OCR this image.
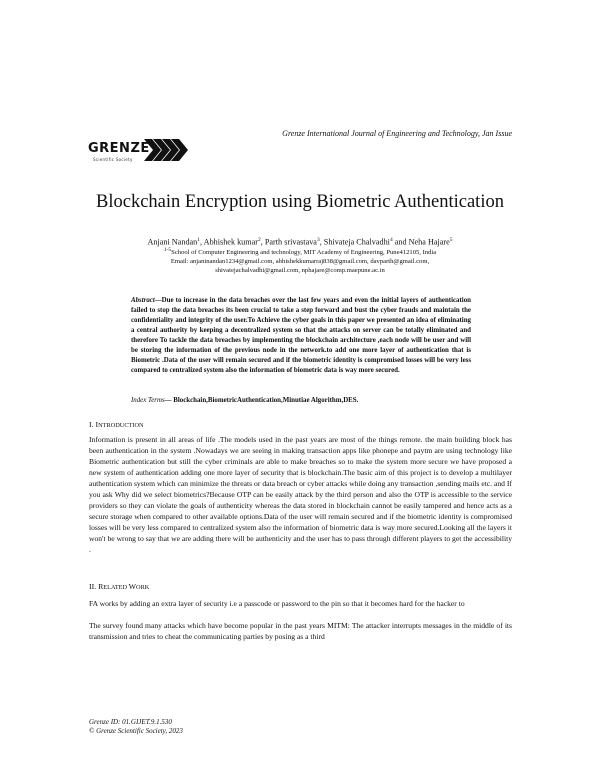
GRENZE
Scientific Society
Grenze International Journal of Engineering and Technology, Jan Issue
Blockchain Encryption using Biometric Authentication
Anjani Nandan$^1$, Abhishek kumar$^2$, Parth srivastava$^3$, Shivateja Chalvadhi$^4$ and Neha Hajare$^5$
$^{1-5}$School of Computer Engineering and technology, MIT Academy of Engineering, Pune412105, India
Email: anjaninandan1234@gmail.com, abhishekkumarraj838@gmail.com, davparth@gmail.com,
shivatejachalvadhi@gmail.com, nphajare@comp.maepune.ac.in
Abstract—Due to increase in the data breaches over the last few years and even the initial layers of authentication failed to stop the data breaches its been crucial to take a step forward and bust the cyber frauds and maintain the confidentiality and integrity of the user.To Achieve the cyber goals in this paper we presented an idea of eliminating a central authority by keeping a decentralized system so that the attacks on server can be totally eliminated and therefore To tackle the data breaches by implementing the blockchain architecture ,each node will be user and will be storing the information of the previous node in the network.to add one more layer of authentication that is Biometric .Data of the user will remain secured and if the biometric identity is compromised losses will be very less compared to centralized system also the information of biometric data is way more secured.
Index Terms— Blockchain,BiometricAuthentication,Minutiae Algorithm,DES.
I. INTRODUCTION
Information is present in all areas of life .The models used in the past years are most of the things remote. the main building block has been authentication in the system .Nowadays we are seeing in making transaction apps like phonepe and paytm are using technology like Biometric authentication but still the cyber criminals are able to make breaches so to make the system more secure we have proposed a new system of authentication adding one more layer of security that is blockchain.The basic aim of this project is to develop a multilayer authentication system which can minimize the threats or data breach or cyber attacks while doing any transaction ,sending mails etc. and If you ask Why did we select biometrics?Because OTP can be easily attack by the third person and also the OTP is accessible to the service providers so they can violate the goals of authenticity whereas the data stored in blockchain cannot be easily tampered and hence acts as a secure storage when compared to other available options.Data of the user will remain secured and if the biometric identity is compromised losses will be very less compared to centralized system also the information of biometric data is way more secured.Looking all the layers it won't be wrong to say that we are adding there will be authenticity and the user has to pass through different players to get the accessibility .
II. RELATED WORK
FA works by adding an extra layer of security i.e a passcode or password to the pin so that it becomes hard for the hacker to
The survey found many attacks which have become popular in the past years MITM: The attacker interrupts messages in the middle of its transmission and tries to cheat the communicating parties by posing as a third
Grenze ID: 01.GIJET.9.1.530
© Grenze Scientific Society, 2023
